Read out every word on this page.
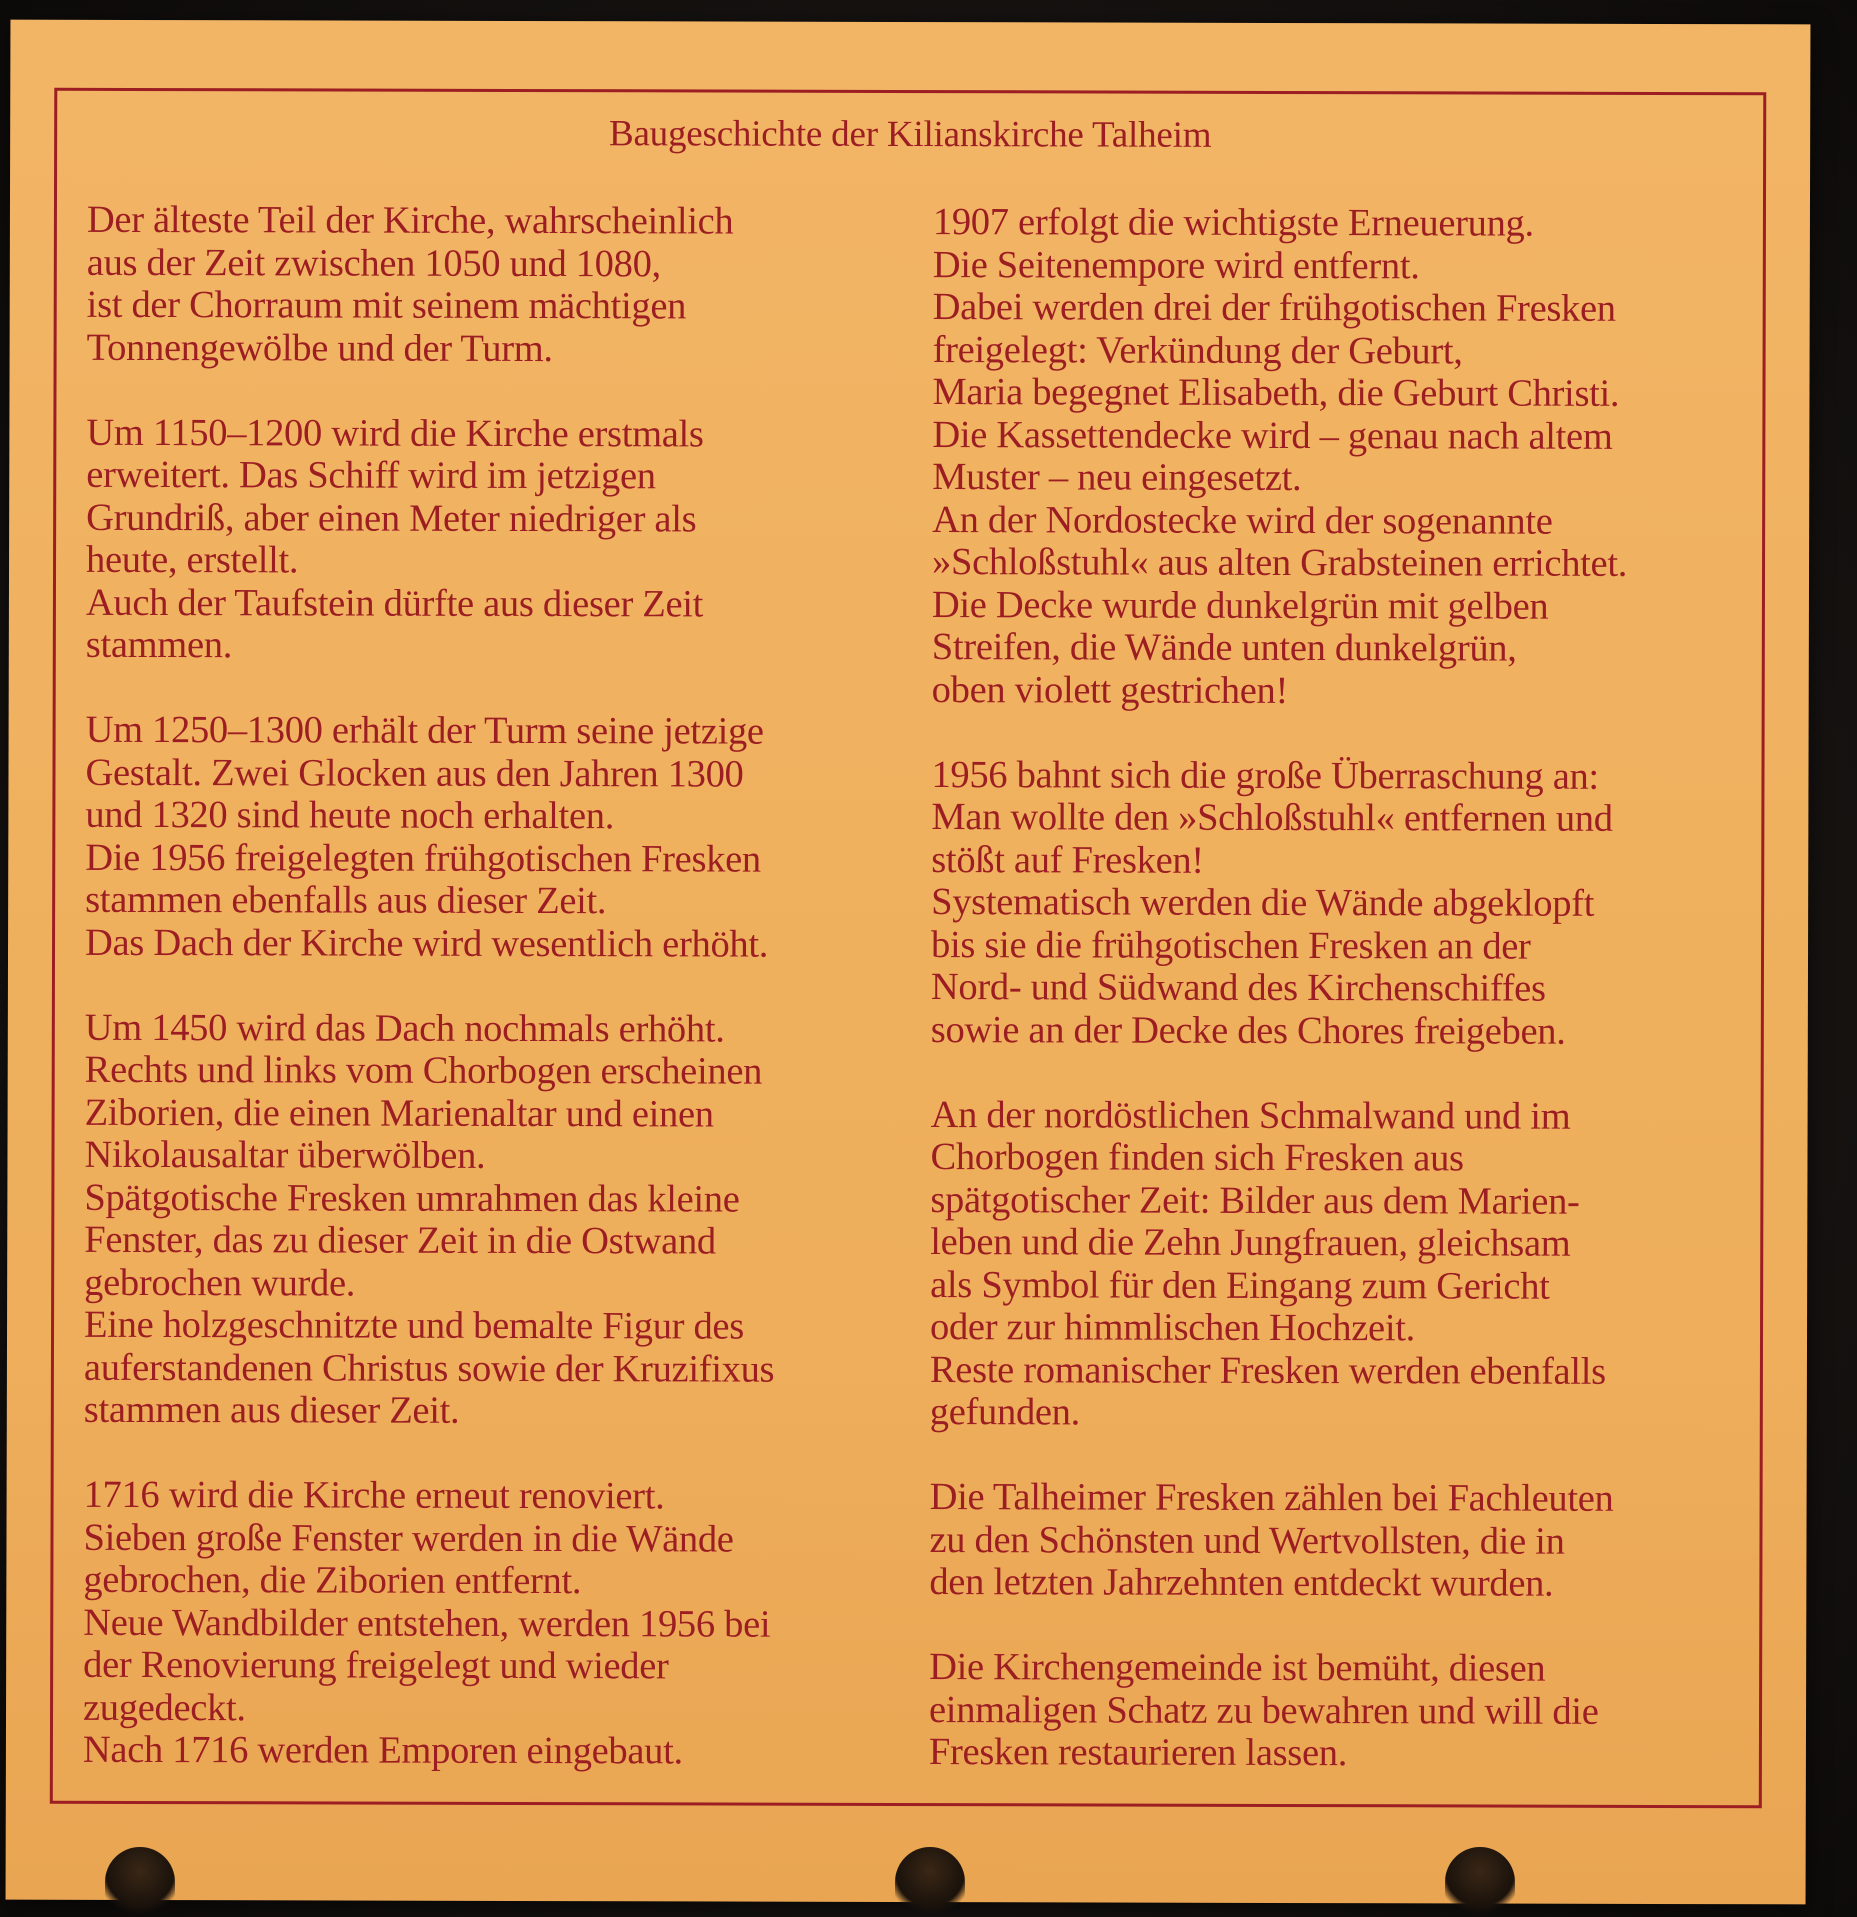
Baugeschichte der Kilianskirche Talheim
Der älteste Teil der Kirche, wahrscheinlich
aus der Zeit zwischen 1050 und 1080,
ist der Chorraum mit seinem mächtigen
Tonnengewölbe und der Turm.
Um 1150–1200 wird die Kirche erstmals
erweitert. Das Schiff wird im jetzigen
Grundriß, aber einen Meter niedriger als
heute, erstellt.
Auch der Taufstein dürfte aus dieser Zeit
stammen.
Um 1250–1300 erhält der Turm seine jetzige
Gestalt. Zwei Glocken aus den Jahren 1300
und 1320 sind heute noch erhalten.
Die 1956 freigelegten frühgotischen Fresken
stammen ebenfalls aus dieser Zeit.
Das Dach der Kirche wird wesentlich erhöht.
Um 1450 wird das Dach nochmals erhöht.
Rechts und links vom Chorbogen erscheinen
Ziborien, die einen Marienaltar und einen
Nikolausaltar überwölben.
Spätgotische Fresken umrahmen das kleine
Fenster, das zu dieser Zeit in die Ostwand
gebrochen wurde.
Eine holzgeschnitzte und bemalte Figur des
auferstandenen Christus sowie der Kruzifixus
stammen aus dieser Zeit.
1716 wird die Kirche erneut renoviert.
Sieben große Fenster werden in die Wände
gebrochen, die Ziborien entfernt.
Neue Wandbilder entstehen, werden 1956 bei
der Renovierung freigelegt und wieder
zugedeckt.
Nach 1716 werden Emporen eingebaut.
1907 erfolgt die wichtigste Erneuerung.
Die Seitenempore wird entfernt.
Dabei werden drei der frühgotischen Fresken
freigelegt: Verkündung der Geburt,
Maria begegnet Elisabeth, die Geburt Christi.
Die Kassettendecke wird – genau nach altem
Muster – neu eingesetzt.
An der Nordostecke wird der sogenannte
»Schloßstuhl« aus alten Grabsteinen errichtet.
Die Decke wurde dunkelgrün mit gelben
Streifen, die Wände unten dunkelgrün,
oben violett gestrichen!
1956 bahnt sich die große Überraschung an:
Man wollte den »Schloßstuhl« entfernen und
stößt auf Fresken!
Systematisch werden die Wände abgeklopft
bis sie die frühgotischen Fresken an der
Nord- und Südwand des Kirchenschiffes
sowie an der Decke des Chores freigeben.
An der nordöstlichen Schmalwand und im
Chorbogen finden sich Fresken aus
spätgotischer Zeit: Bilder aus dem Marien-
leben und die Zehn Jungfrauen, gleichsam
als Symbol für den Eingang zum Gericht
oder zur himmlischen Hochzeit.
Reste romanischer Fresken werden ebenfalls
gefunden.
Die Talheimer Fresken zählen bei Fachleuten
zu den Schönsten und Wertvollsten, die in
den letzten Jahrzehnten entdeckt wurden.
Die Kirchengemeinde ist bemüht, diesen
einmaligen Schatz zu bewahren und will die
Fresken restaurieren lassen.
